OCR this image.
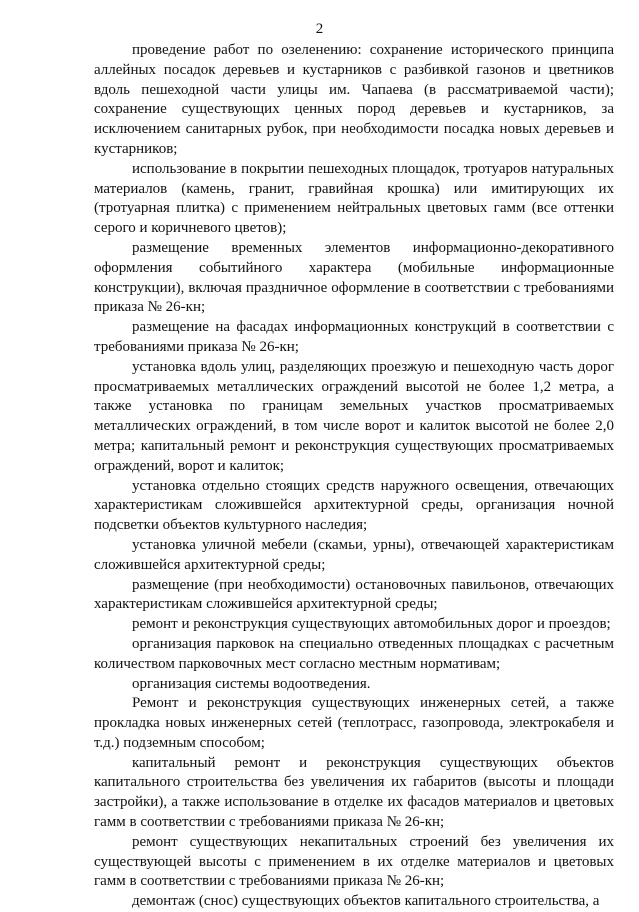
2

проведение работ по озеленению: сохранение исторического принципа аллейных посадок деревьев и кустарников с разбивкой газонов и цветников вдоль пешеходной части улицы им. Чапаева (в рассматриваемой части); сохранение существующих ценных пород деревьев и кустарников, за исключением санитарных рубок, при необходимости посадка новых деревьев и кустарников;

использование в покрытии пешеходных площадок, тротуаров натуральных материалов (камень, гранит, гравийная крошка) или имитирующих их (тротуарная плитка) с применением нейтральных цветовых гамм (все оттенки серого и коричневого цветов);

размещение временных элементов информационно-декоративного оформления событийного характера (мобильные информационные конструкции), включая праздничное оформление в соответствии с требованиями приказа № 26-кн;

размещение на фасадах информационных конструкций в соответствии с требованиями приказа № 26-кн;

установка вдоль улиц, разделяющих проезжую и пешеходную часть дорог просматриваемых металлических ограждений высотой не более 1,2 метра, а также установка по границам земельных участков просматриваемых металлических ограждений, в том числе ворот и калиток высотой не более 2,0 метра; капитальный ремонт и реконструкция существующих просматриваемых ограждений, ворот и калиток;

установка отдельно стоящих средств наружного освещения, отвечающих характеристикам сложившейся архитектурной среды, организация ночной подсветки объектов культурного наследия;

установка уличной мебели (скамьи, урны), отвечающей характеристикам сложившейся архитектурной среды;

размещение (при необходимости) остановочных павильонов, отвечающих характеристикам сложившейся архитектурной среды;

ремонт и реконструкция существующих автомобильных дорог и проездов;

организация парковок на специально отведенных площадках с расчетным количеством парковочных мест согласно местным нормативам;

организация системы водоотведения.

Ремонт и реконструкция существующих инженерных сетей, а также прокладка новых инженерных сетей (теплотрасс, газопровода, электрокабеля и т.д.) подземным способом;

капитальный ремонт и реконструкция существующих объектов капитального строительства без увеличения их габаритов (высоты и площади застройки), а также использование в отделке их фасадов материалов и цветовых гамм в соответствии с требованиями приказа № 26-кн;

ремонт существующих некапитальных строений без увеличения их существующей высоты с применением в их отделке материалов и цветовых гамм в соответствии с требованиями приказа № 26-кн;

демонтаж (снос) существующих объектов капитального строительства, а
